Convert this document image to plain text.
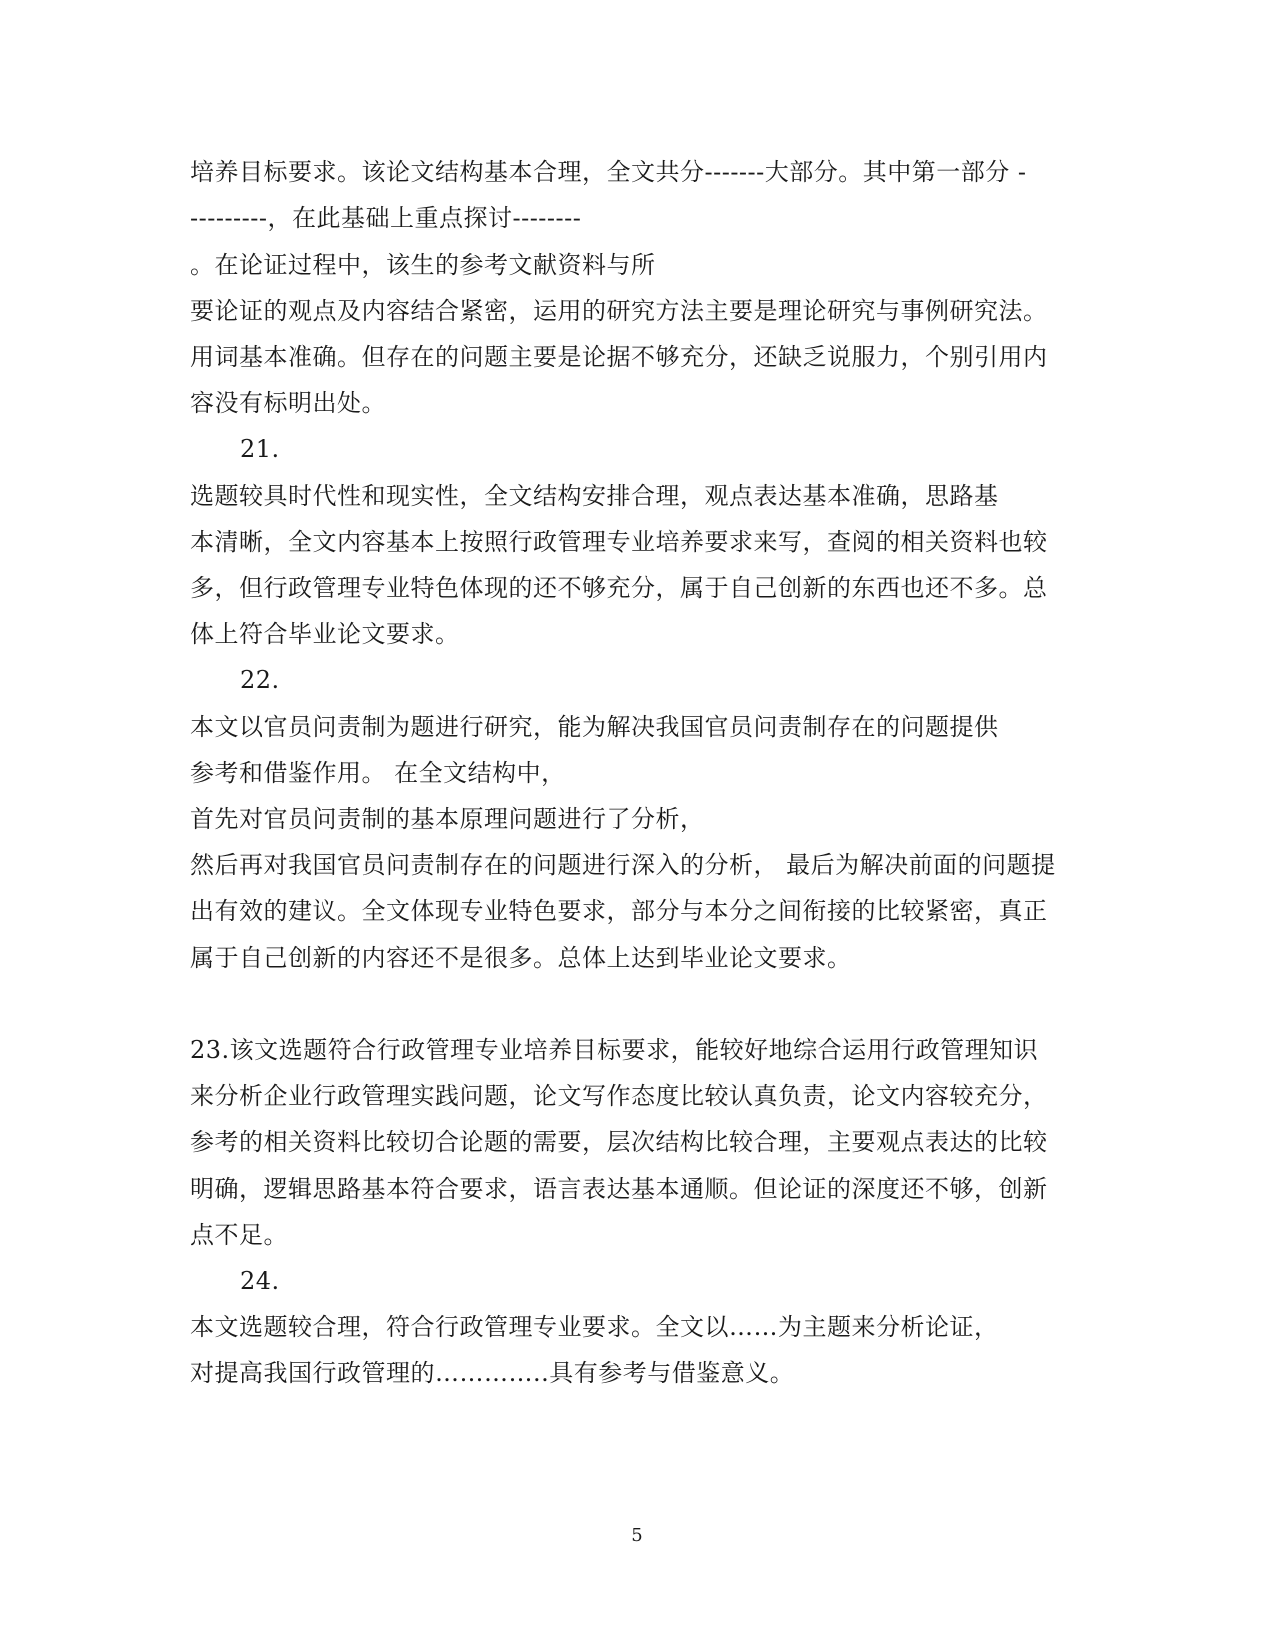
培养目标要求。该论文结构基本合理，全文共分-------大部分。其中第一部分 -
---------，在此基础上重点探讨--------
。在论证过程中，该生的参考文献资料与所
要论证的观点及内容结合紧密，运用的研究方法主要是理论研究与事例研究法。
用词基本准确。但存在的问题主要是论据不够充分，还缺乏说服力，个别引用内
容没有标明出处。
21.
选题较具时代性和现实性，全文结构安排合理，观点表达基本准确，思路基
本清晰，全文内容基本上按照行政管理专业培养要求来写，查阅的相关资料也较
多，但行政管理专业特色体现的还不够充分，属于自己创新的东西也还不多。总
体上符合毕业论文要求。
22.
本文以官员问责制为题进行研究，能为解决我国官员问责制存在的问题提供
参考和借鉴作用。 在全文结构中，
首先对官员问责制的基本原理问题进行了分析，
然后再对我国官员问责制存在的问题进行深入的分析， 最后为解决前面的问题提
出有效的建议。全文体现专业特色要求，部分与本分之间衔接的比较紧密，真正
属于自己创新的内容还不是很多。总体上达到毕业论文要求。
23.该文选题符合行政管理专业培养目标要求，能较好地综合运用行政管理知识
来分析企业行政管理实践问题，论文写作态度比较认真负责，论文内容较充分，
参考的相关资料比较切合论题的需要，层次结构比较合理，主要观点表达的比较
明确，逻辑思路基本符合要求，语言表达基本通顺。但论证的深度还不够，创新
点不足。
24.
本文选题较合理，符合行政管理专业要求。全文以……为主题来分析论证，
对提高我国行政管理的…………..具有参考与借鉴意义。
5
